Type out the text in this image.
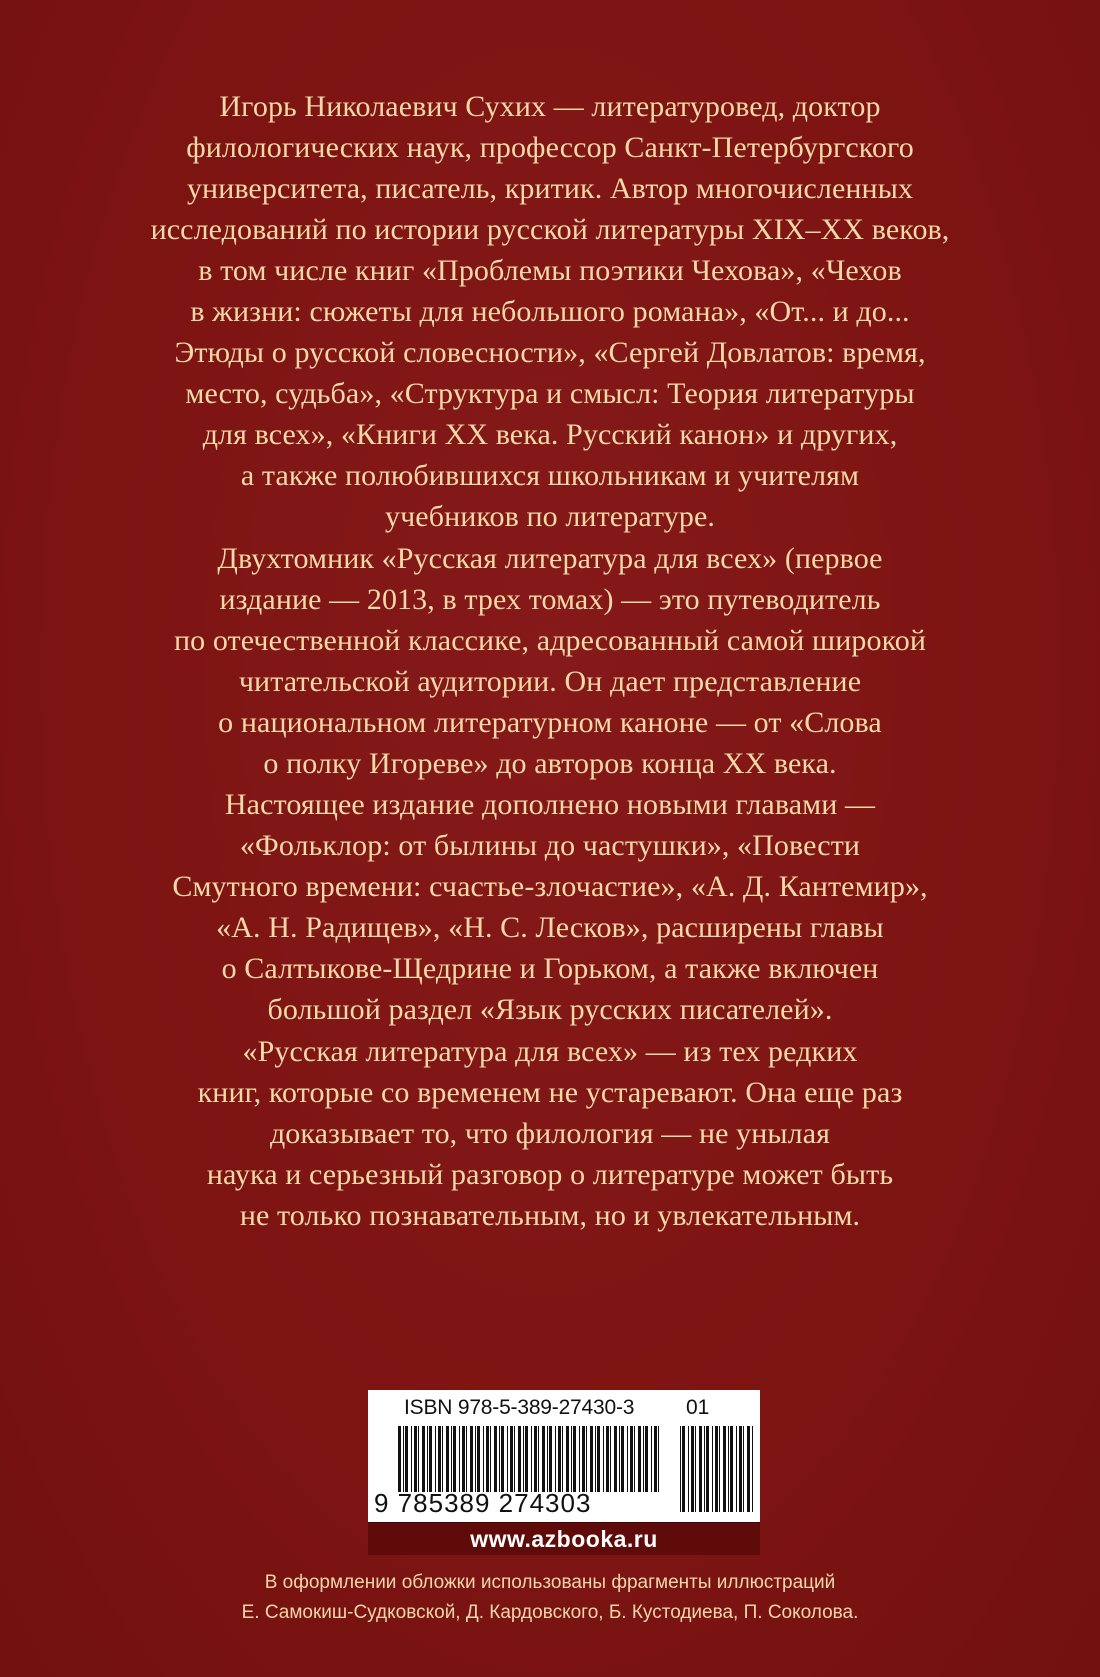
Игорь Николаевич Сухих — литературовед, доктор
филологических наук, профессор Санкт-Петербургского
университета, писатель, критик. Автор многочисленных
исследований по истории русской литературы XIX–XX веков,
в том числе книг «Проблемы поэтики Чехова», «Чехов
в жизни: сюжеты для небольшого романа», «От... и до...
Этюды о русской словесности», «Сергей Довлатов: время,
место, судьба», «Структура и смысл: Теория литературы
для всех», «Книги XX века. Русский канон» и других,
а также полюбившихся школьникам и учителям
учебников по литературе.
Двухтомник «Русская литература для всех» (первое
издание — 2013, в трех томах) — это путеводитель
по отечественной классике, адресованный самой широкой
читательской аудитории. Он дает представление
о национальном литературном каноне — от «Слова
о полку Игореве» до авторов конца XX века.
Настоящее издание дополнено новыми главами —
«Фольклор: от былины до частушки», «Повести
Смутного времени: счастье-злочастие», «А. Д. Кантемир»,
«А. Н. Радищев», «Н. С. Лесков», расширены главы
о Салтыкове-Щедрине и Горьком, а также включен
большой раздел «Язык русских писателей».
«Русская литература для всех» — из тех редких
книг, которые со временем не устаревают. Она еще раз
доказывает то, что филология — не унылая
наука и серьезный разговор о литературе может быть
не только познавательным, но и увлекательным.
ISBN 978-5-389-27430-3 01
9 785389 274303
www.azbooka.ru
В оформлении обложки использованы фрагменты иллюстраций
Е. Самокиш-Судковской, Д. Кардовского, Б. Кустодиева, П. Соколова.
